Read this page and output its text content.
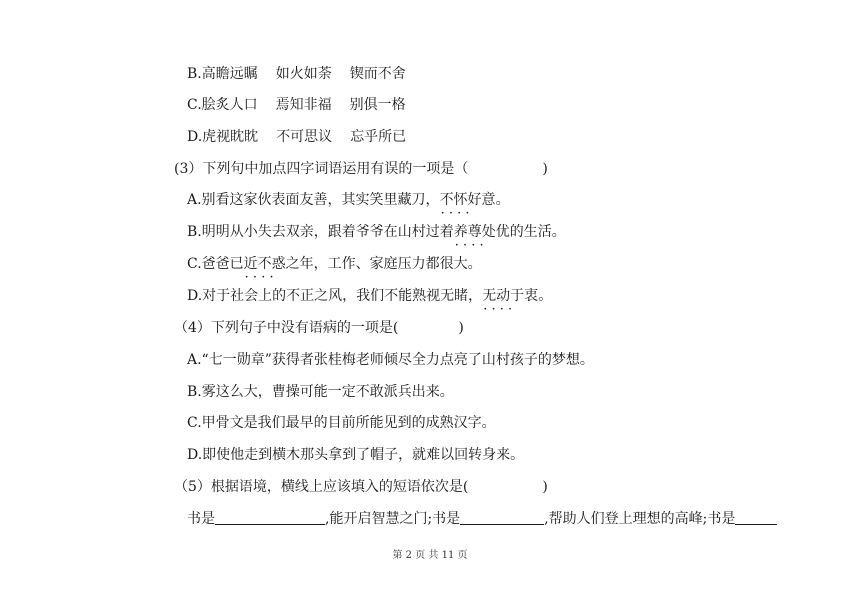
B.高瞻远瞩 如火如荼 锲而不舍
C.脍炙人口 焉知非福 别俱一格
D.虎视眈眈 不可思议 忘乎所已
(3）下列句中加点四字词语运用有误的一项是（	)
A.别看这家伙表面友善，其实笑里藏刀，不怀好意 · · 。
B.明明从小失去双亲，跟着爷爷在山村过着养尊处优 · · 的生活。
C.爸爸已近不惑之 · · 年，工作、家庭压力都很大。
D.对于社会上的不正之风，我们不能熟视无睹，无动于衷 · · 。
（4）下列句子中没有语病的一项是(	)
A.“七一勋章”获得者张桂梅老师倾尽全力点亮了山村孩子的梦想。
B.雾这么大，曹操可能一定不敢派兵出来。
C.甲骨文是我们最早的目前所能见到的成熟汉字。
D.即使他走到横木那头拿到了帽子，就难以回转身来。
（5）根据语境，横线上应该填入的短语依次是(	)
书是	,能开启智慧之门;书是	,帮助人们登上理想的高峰;书是
第 2 页 共 11 页
